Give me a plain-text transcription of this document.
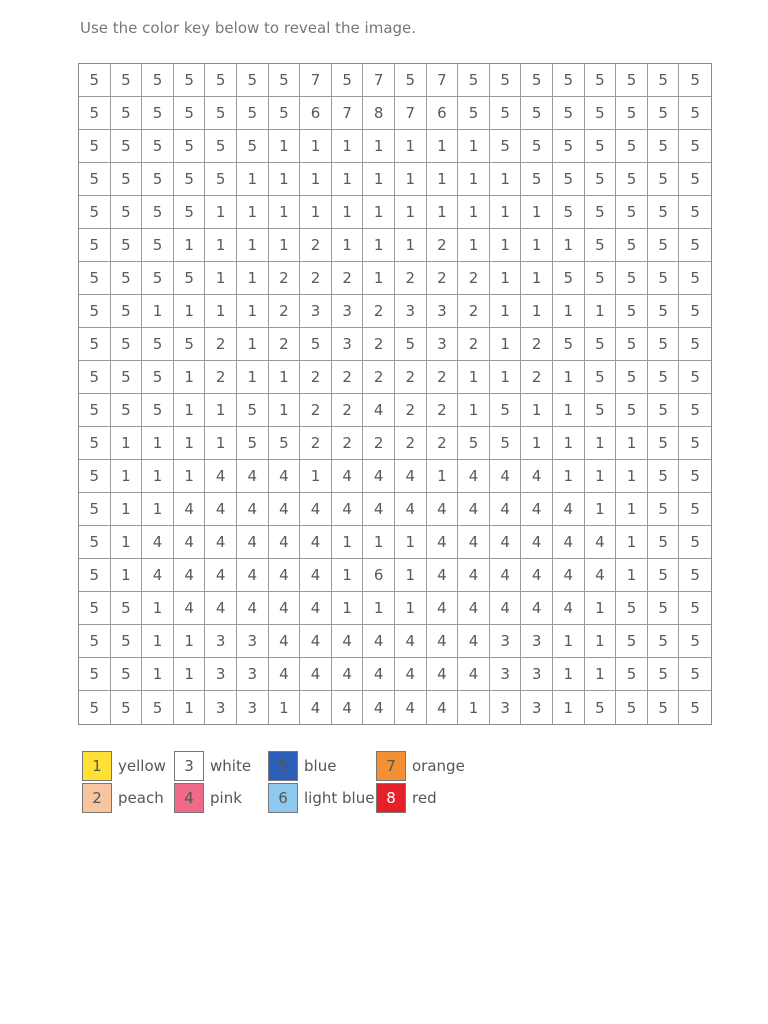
Use the color key below to reveal the image.
5	5	5	5	5	5	5	7	5	7	5	7	5	5	5	5	5	5	5	5
5	5	5	5	5	5	5	6	7	8	7	6	5	5	5	5	5	5	5	5
5	5	5	5	5	5	1	1	1	1	1	1	1	5	5	5	5	5	5	5
5	5	5	5	5	1	1	1	1	1	1	1	1	1	5	5	5	5	5	5
5	5	5	5	1	1	1	1	1	1	1	1	1	1	1	5	5	5	5	5
5	5	5	1	1	1	1	2	1	1	1	2	1	1	1	1	5	5	5	5
5	5	5	5	1	1	2	2	2	1	2	2	2	1	1	5	5	5	5	5
5	5	1	1	1	1	2	3	3	2	3	3	2	1	1	1	1	5	5	5
5	5	5	5	2	1	2	5	3	2	5	3	2	1	2	5	5	5	5	5
5	5	5	1	2	1	1	2	2	2	2	2	1	1	2	1	5	5	5	5
5	5	5	1	1	5	1	2	2	4	2	2	1	5	1	1	5	5	5	5
5	1	1	1	1	5	5	2	2	2	2	2	5	5	1	1	1	1	5	5
5	1	1	1	4	4	4	1	4	4	4	1	4	4	4	1	1	1	5	5
5	1	1	4	4	4	4	4	4	4	4	4	4	4	4	4	1	1	5	5
5	1	4	4	4	4	4	4	1	1	1	4	4	4	4	4	4	1	5	5
5	1	4	4	4	4	4	4	1	6	1	4	4	4	4	4	4	1	5	5
5	5	1	4	4	4	4	4	1	1	1	4	4	4	4	4	1	5	5	5
5	5	1	1	3	3	4	4	4	4	4	4	4	3	3	1	1	5	5	5
5	5	1	1	3	3	4	4	4	4	4	4	4	3	3	1	1	5	5	5
5	5	5	1	3	3	1	4	4	4	4	4	1	3	3	1	5	5	5	5
1	yellow	3	white	5	blue	7	orange
2	peach	4	pink	6	light blue 8	red
